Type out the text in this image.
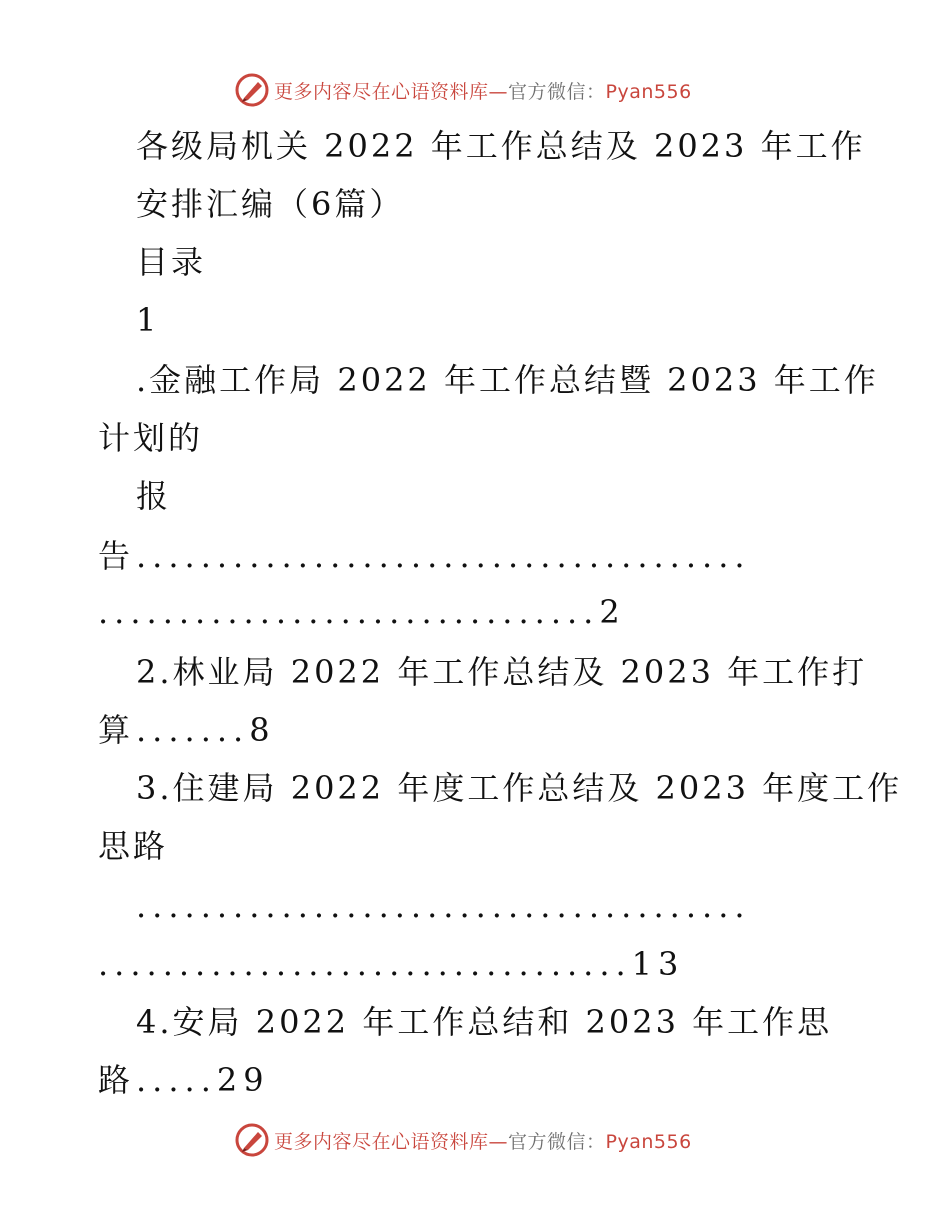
更多内容尽在心语资料库—官方微信：Pyan556
各级局机关 2022 年工作总结及 2023 年工作
安排汇编（6篇）
目录
1
.金融工作局 2022 年工作总结暨 2023 年工作
计划的
报
告......................................
...............................2
2.林业局 2022 年工作总结及 2023 年工作打
算.......8
3.住建局 2022 年度工作总结及 2023 年度工作
思路
......................................
.................................13
4.安局 2022 年工作总结和 2023 年工作思
路.....29
更多内容尽在心语资料库—官方微信：Pyan556
